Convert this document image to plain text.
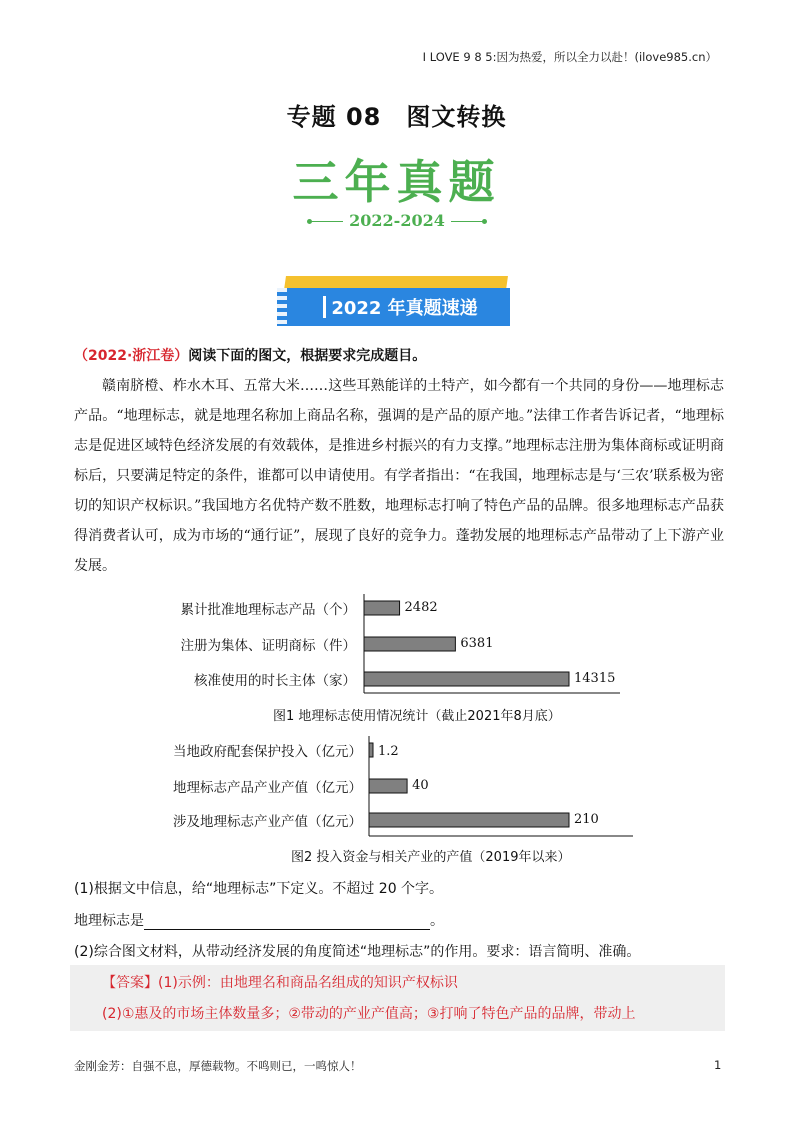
I LOVE 9 8 5:因为热爱，所以全力以赴！(ilove985.cn）
专题 08　图文转换
三年真题
2022-2024
2022 年真题速递
（2022·浙江卷）阅读下面的图文，根据要求完成题目。

赣南脐橙、柞水木耳、五常大米……这些耳熟能详的土特产，如今都有一个共同的身份——地理标志产品。“地理标志，就是地理名称加上商品名称，强调的是产品的原产地。”法律工作者告诉记者，“地理标志是促进区域特色经济发展的有效载体，是推进乡村振兴的有力支撑。”地理标志注册为集体商标或证明商标后，只要满足特定的条件，谁都可以申请使用。有学者指出：“在我国，地理标志是与‘三农’联系极为密切的知识产权标识。”我国地方名优特产数不胜数，地理标志打响了特色产品的品牌。很多地理标志产品获得消费者认可，成为市场的“通行证”，展现了良好的竞争力。蓬勃发展的地理标志产品带动了上下游产业发展。

累计批准地理标志产品（个）	2482
注册为集体、证明商标（件）	6381
核准使用的时长主体（家）	14315
图1 地理标志使用情况统计（截止2021年8月底）
当地政府配套保护投入（亿元） 1.2
地理标志产品产业产值（亿元）	40
涉及地理标志产业产值（亿元）	210
图2 投入资金与相关产业的产值（2019年以来）
(1)根据文中信息，给“地理标志”下定义。不超过 20 个字。
地理标志是	。
(2)综合图文材料，从带动经济发展的角度简述“地理标志”的作用。要求：语言简明、准确。
【答案】(1)示例：由地理名和商品名组成的知识产权标识
(2)①惠及的市场主体数量多；②带动的产业产值高；③打响了特色产品的品牌，带动上
金刚金芳：自强不息，厚德载物。不鸣则已，一鸣惊人！	1
